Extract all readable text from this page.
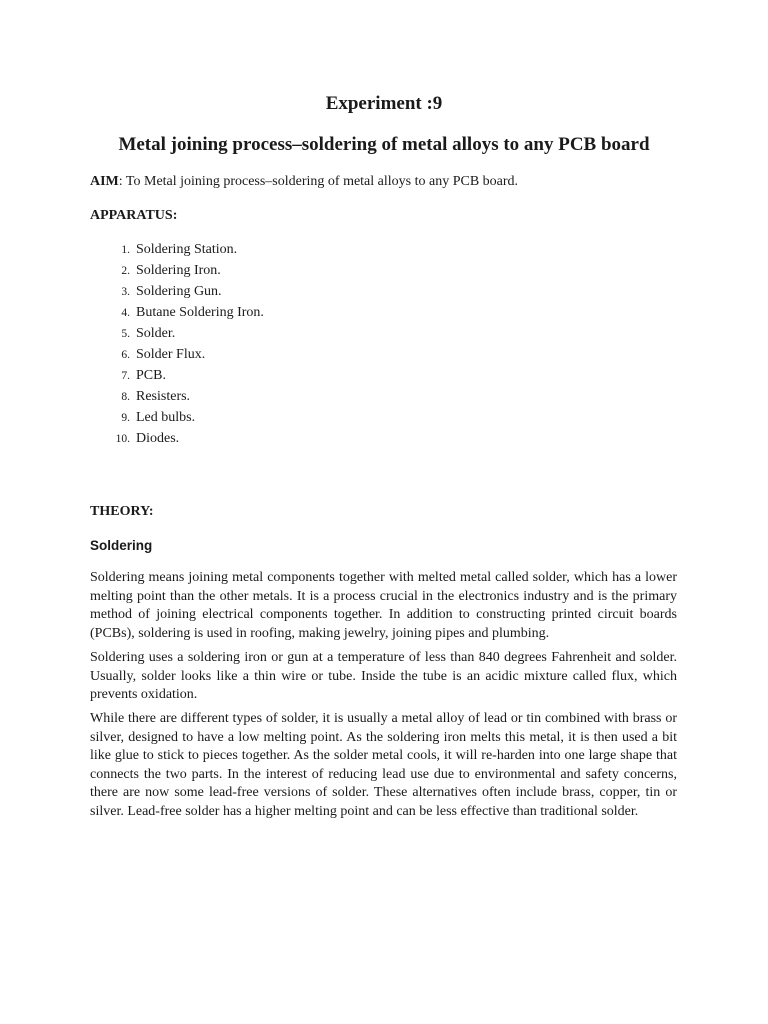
Experiment :9
Metal joining process–soldering of metal alloys to any PCB board
AIM: To Metal joining process–soldering of metal alloys to any PCB board.
APPARATUS:
1. Soldering Station.
2. Soldering Iron.
3. Soldering Gun.
4. Butane Soldering Iron.
5. Solder.
6. Solder Flux.
7. PCB.
8. Resisters.
9. Led bulbs.
10. Diodes.
THEORY:
Soldering

Soldering means joining metal components together with melted metal called solder, which has a lower melting point than the other metals. It is a process crucial in the electronics industry and is the primary method of joining electrical components together. In addition to constructing printed circuit boards (PCBs), soldering is used in roofing, making jewelry, joining pipes and plumbing.

Soldering uses a soldering iron or gun at a temperature of less than 840 degrees Fahrenheit and solder. Usually, solder looks like a thin wire or tube. Inside the tube is an acidic mixture called flux, which prevents oxidation.

While there are different types of solder, it is usually a metal alloy of lead or tin combined with brass or silver, designed to have a low melting point. As the soldering iron melts this metal, it is then used a bit like glue to stick to pieces together. As the solder metal cools, it will re-harden into one large shape that connects the two parts. In the interest of reducing lead use due to environmental and safety concerns, there are now some lead-free versions of solder. These alternatives often include brass, copper, tin or silver. Lead-free solder has a higher melting point and can be less effective than traditional solder.
